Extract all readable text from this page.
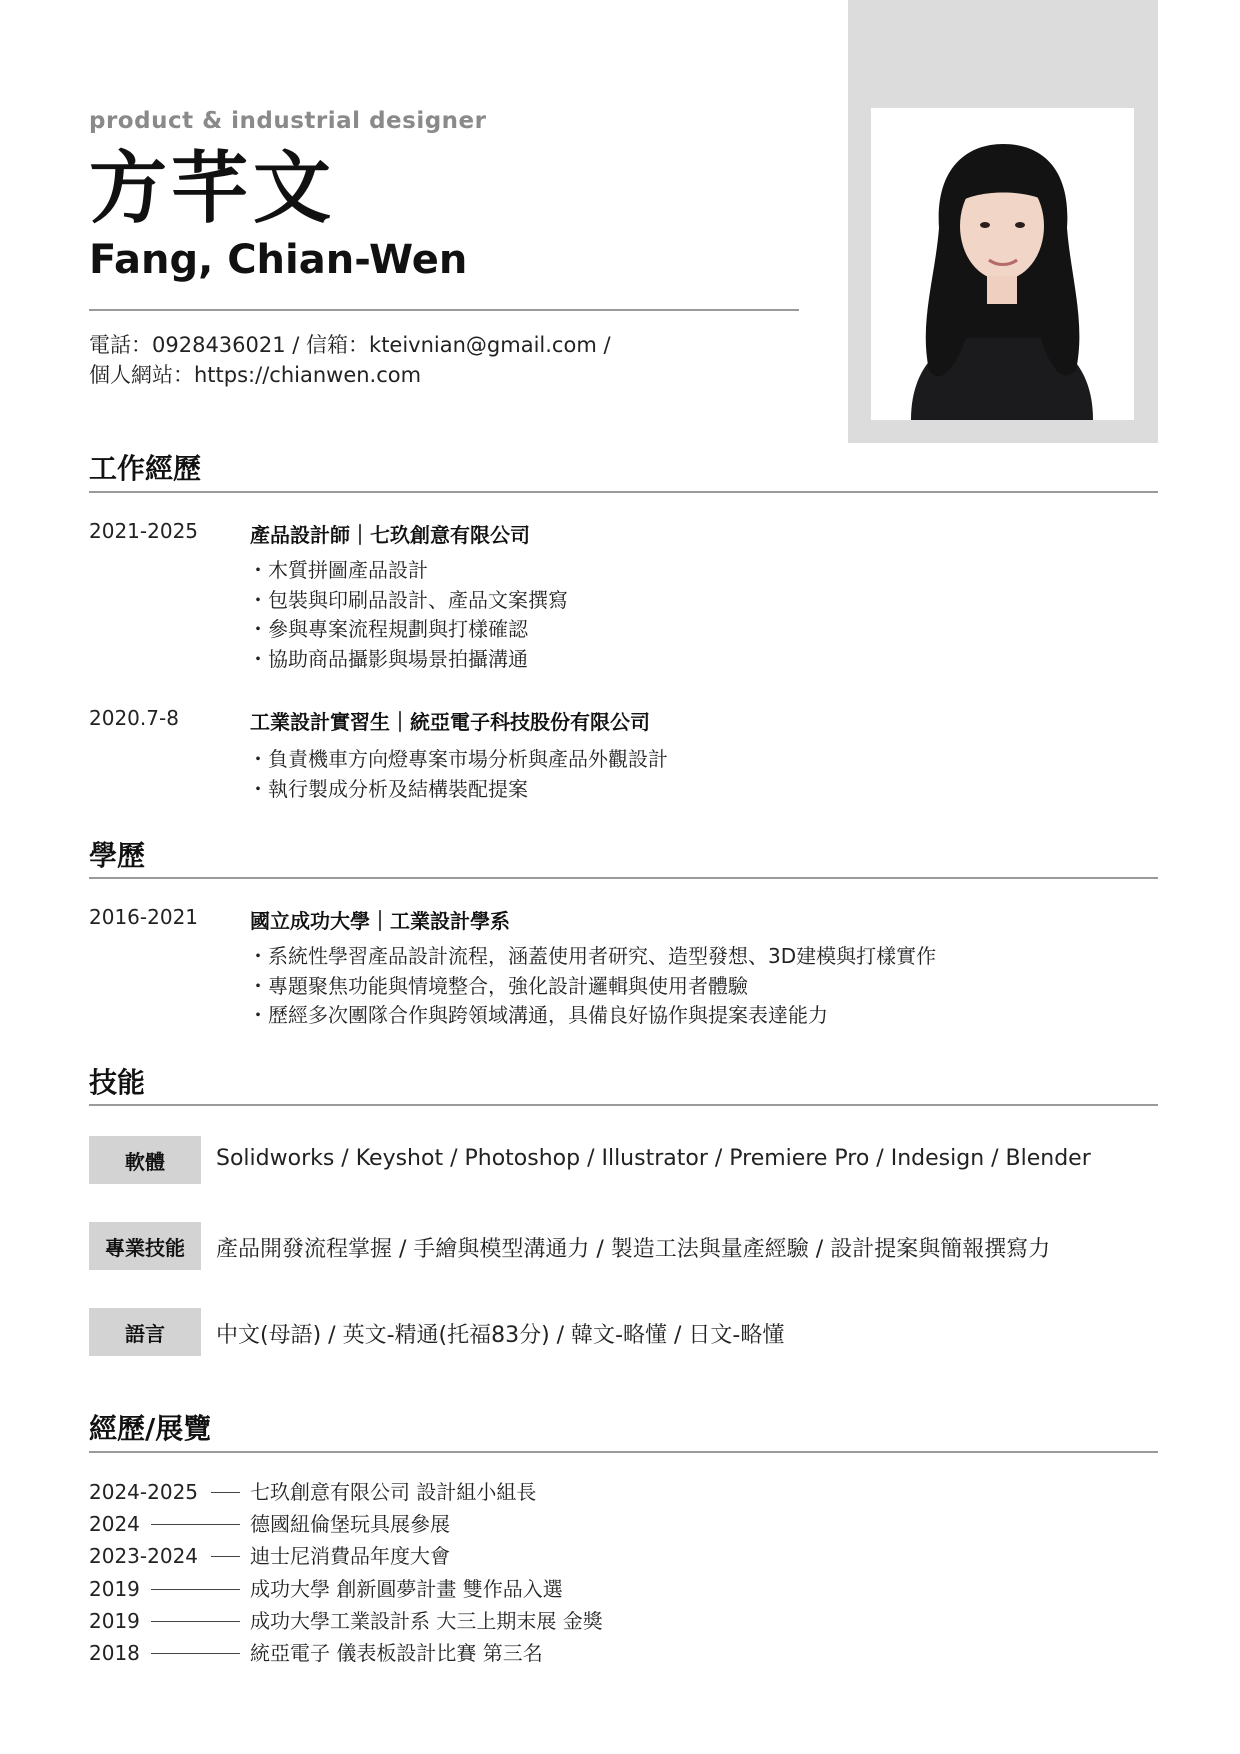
product & industrial designer
方芊文
Fang, Chian-Wen
電話：0928436021 / 信箱：kteivnian@gmail.com /
個人網站：https://chianwen.com
工作經歷
2021-2025	產品設計師｜七玖創意有限公司
・ 木質拼圖產品設計
・ 包裝與印刷品設計、產品文案撰寫
・ 參與專案流程規劃與打樣確認
・ 協助商品攝影與場景拍攝溝通
2020.7-8	工業設計實習生｜統亞電子科技股份有限公司
・ 負責機車方向燈專案市場分析與產品外觀設計
・ 執行製成分析及結構裝配提案
學歷
2016-2021	國立成功大學｜工業設計學系
・ 系統性學習產品設計流程，涵蓋使用者研究、造型發想、3D建模與打樣實作
・ 專題聚焦功能與情境整合，強化設計邏輯與使用者體驗
・ 歷經多次團隊合作與跨領域溝通，具備良好協作與提案表達能力
技能
軟體	Solidworks / Keyshot / Photoshop / Illustrator / Premiere Pro / Indesign / Blender
專業技能	產品開發流程掌握 / 手繪與模型溝通力 / 製造工法與量產經驗 / 設計提案與簡報撰寫力
語言	中文(母語) / 英文-精通(托福83分) / 韓文-略懂 / 日文-略懂
經歷/展覽
2024-2025	七玖創意有限公司 設計組小組長
2024	德國紐倫堡玩具展參展
2023-2024	迪士尼消費品年度大會
2019	成功大學 創新圓夢計畫 雙作品入選
2019	成功大學工業設計系 大三上期末展 金獎
2018	統亞電子 儀表板設計比賽 第三名
